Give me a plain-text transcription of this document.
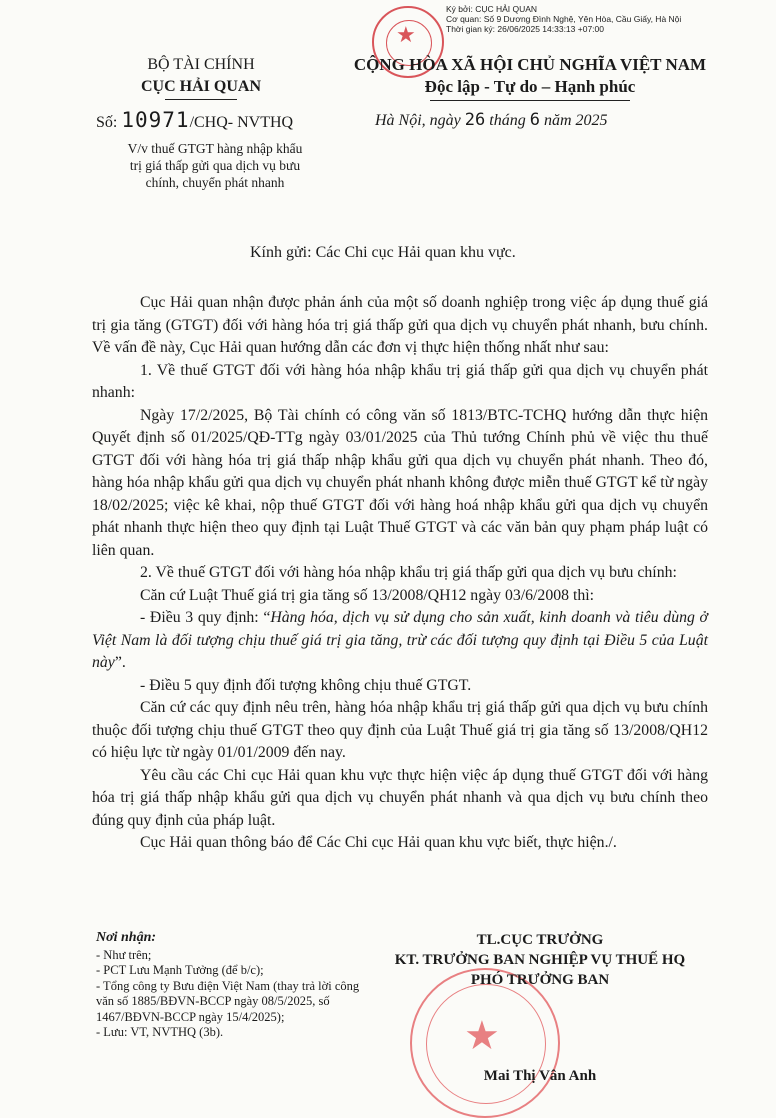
★
Ký bởi: CỤC HẢI QUAN
Cơ quan: Số 9 Dương Đình Nghệ, Yên Hòa, Cầu Giấy, Hà Nội
Thời gian ký: 26/06/2025 14:33:13 +07:00
BỘ TÀI CHÍNH
CỤC HẢI QUAN
CỘNG HÒA XÃ HỘI CHỦ NGHĨA VIỆT NAM
Độc lập - Tự do – Hạnh phúc
Số: 10971/CHQ- NVTHQ	Hà Nội, ngày 26 tháng 6 năm 2025
V/v thuế GTGT hàng nhập khẩu trị giá thấp gửi qua dịch vụ bưu chính, chuyển phát nhanh
Kính gửi: Các Chi cục Hải quan khu vực.

Cục Hải quan nhận được phản ánh của một số doanh nghiệp trong việc áp dụng thuế giá trị gia tăng (GTGT) đối với hàng hóa trị giá thấp gửi qua dịch vụ chuyển phát nhanh, bưu chính. Về vấn đề này, Cục Hải quan hướng dẫn các đơn vị thực hiện thống nhất như sau:

1. Về thuế GTGT đối với hàng hóa nhập khẩu trị giá thấp gửi qua dịch vụ chuyển phát nhanh:

Ngày 17/2/2025, Bộ Tài chính có công văn số 1813/BTC-TCHQ hướng dẫn thực hiện Quyết định số 01/2025/QĐ-TTg ngày 03/01/2025 của Thủ tướng Chính phủ về việc thu thuế GTGT đối với hàng hóa trị giá thấp nhập khẩu gửi qua dịch vụ chuyển phát nhanh. Theo đó, hàng hóa nhập khẩu gửi qua dịch vụ chuyển phát nhanh không được miễn thuế GTGT kể từ ngày 18/02/2025; việc kê khai, nộp thuế GTGT đối với hàng hoá nhập khẩu gửi qua dịch vụ chuyển phát nhanh thực hiện theo quy định tại Luật Thuế GTGT và các văn bản quy phạm pháp luật có liên quan.

2. Về thuế GTGT đối với hàng hóa nhập khẩu trị giá thấp gửi qua dịch vụ bưu chính:

Căn cứ Luật Thuế giá trị gia tăng số 13/2008/QH12 ngày 03/6/2008 thì:

- Điều 3 quy định: “Hàng hóa, dịch vụ sử dụng cho sản xuất, kinh doanh và tiêu dùng ở Việt Nam là đối tượng chịu thuế giá trị gia tăng, trừ các đối tượng quy định tại Điều 5 của Luật này”.

- Điều 5 quy định đối tượng không chịu thuế GTGT.

Căn cứ các quy định nêu trên, hàng hóa nhập khẩu trị giá thấp gửi qua dịch vụ bưu chính thuộc đối tượng chịu thuế GTGT theo quy định của Luật Thuế giá trị gia tăng số 13/2008/QH12 có hiệu lực từ ngày 01/01/2009 đến nay.

Yêu cầu các Chi cục Hải quan khu vực thực hiện việc áp dụng thuế GTGT đối với hàng hóa trị giá thấp nhập khẩu gửi qua dịch vụ chuyển phát nhanh và qua dịch vụ bưu chính theo đúng quy định của pháp luật.

Cục Hải quan thông báo để Các Chi cục Hải quan khu vực biết, thực hiện./.

Nơi nhận:
- Như trên;
- PCT Lưu Mạnh Tưởng (để b/c);
- Tổng công ty Bưu điện Việt Nam (thay trả lời công văn số 1885/BĐVN-BCCP ngày 08/5/2025, số 1467/BĐVN-BCCP ngày 15/4/2025);
- Lưu: VT, NVTHQ (3b).	★
TL.CỤC TRƯỞNG
KT. TRƯỞNG BAN NGHIỆP VỤ THUẾ HQ
PHÓ TRƯỞNG BAN
Mai Thị Vân Anh
